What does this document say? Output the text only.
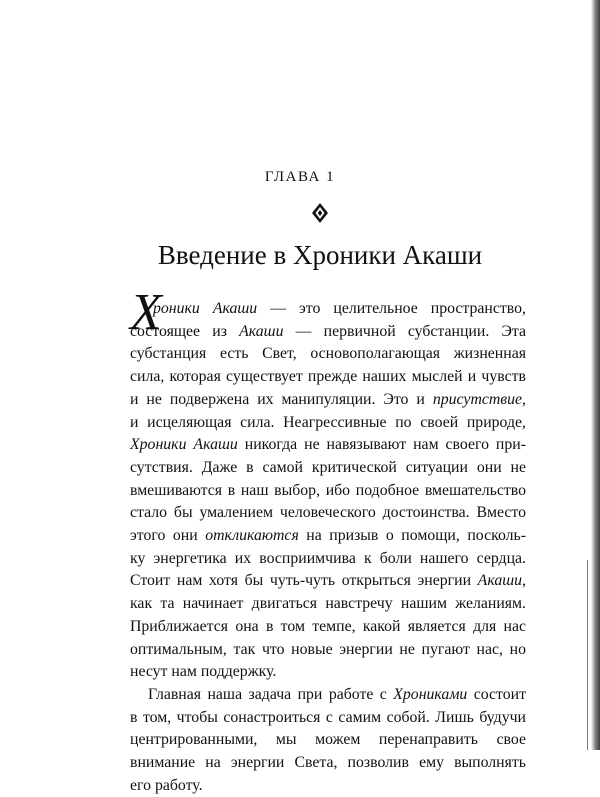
ГЛАВА 1
Введение в Хроники Акаши
Х
роники Акаши — это целительное пространство,
состоящее из Акаши — первичной субстанции. Эта
субстанция есть Свет, основополагающая жизненная
сила, которая существует прежде наших мыслей и чувств
и не подвержена их манипуляции. Это и присутствие,
и исцеляющая сила. Неагрессивные по своей природе,
Хроники Акаши никогда не навязывают нам своего при-
сутствия. Даже в самой критической ситуации они не
вмешиваются в наш выбор, ибо подобное вмешательство
стало бы умалением человеческого достоинства. Вместо
этого они откликаются на призыв о помощи, посколь-
ку энергетика их восприимчива к боли нашего сердца.
Стоит нам хотя бы чуть-чуть открыться энергии Акаши,
как та начинает двигаться навстречу нашим желаниям.
Приближается она в том темпе, какой является для нас
оптимальным, так что новые энергии не пугают нас, но
несут нам поддержку.
Главная наша задача при работе с Хрониками состоит
в том, чтобы сонастроиться с самим собой. Лишь будучи
центрированными, мы можем перенаправить свое
внимание на энергии Света, позволив ему выполнять
его работу.
